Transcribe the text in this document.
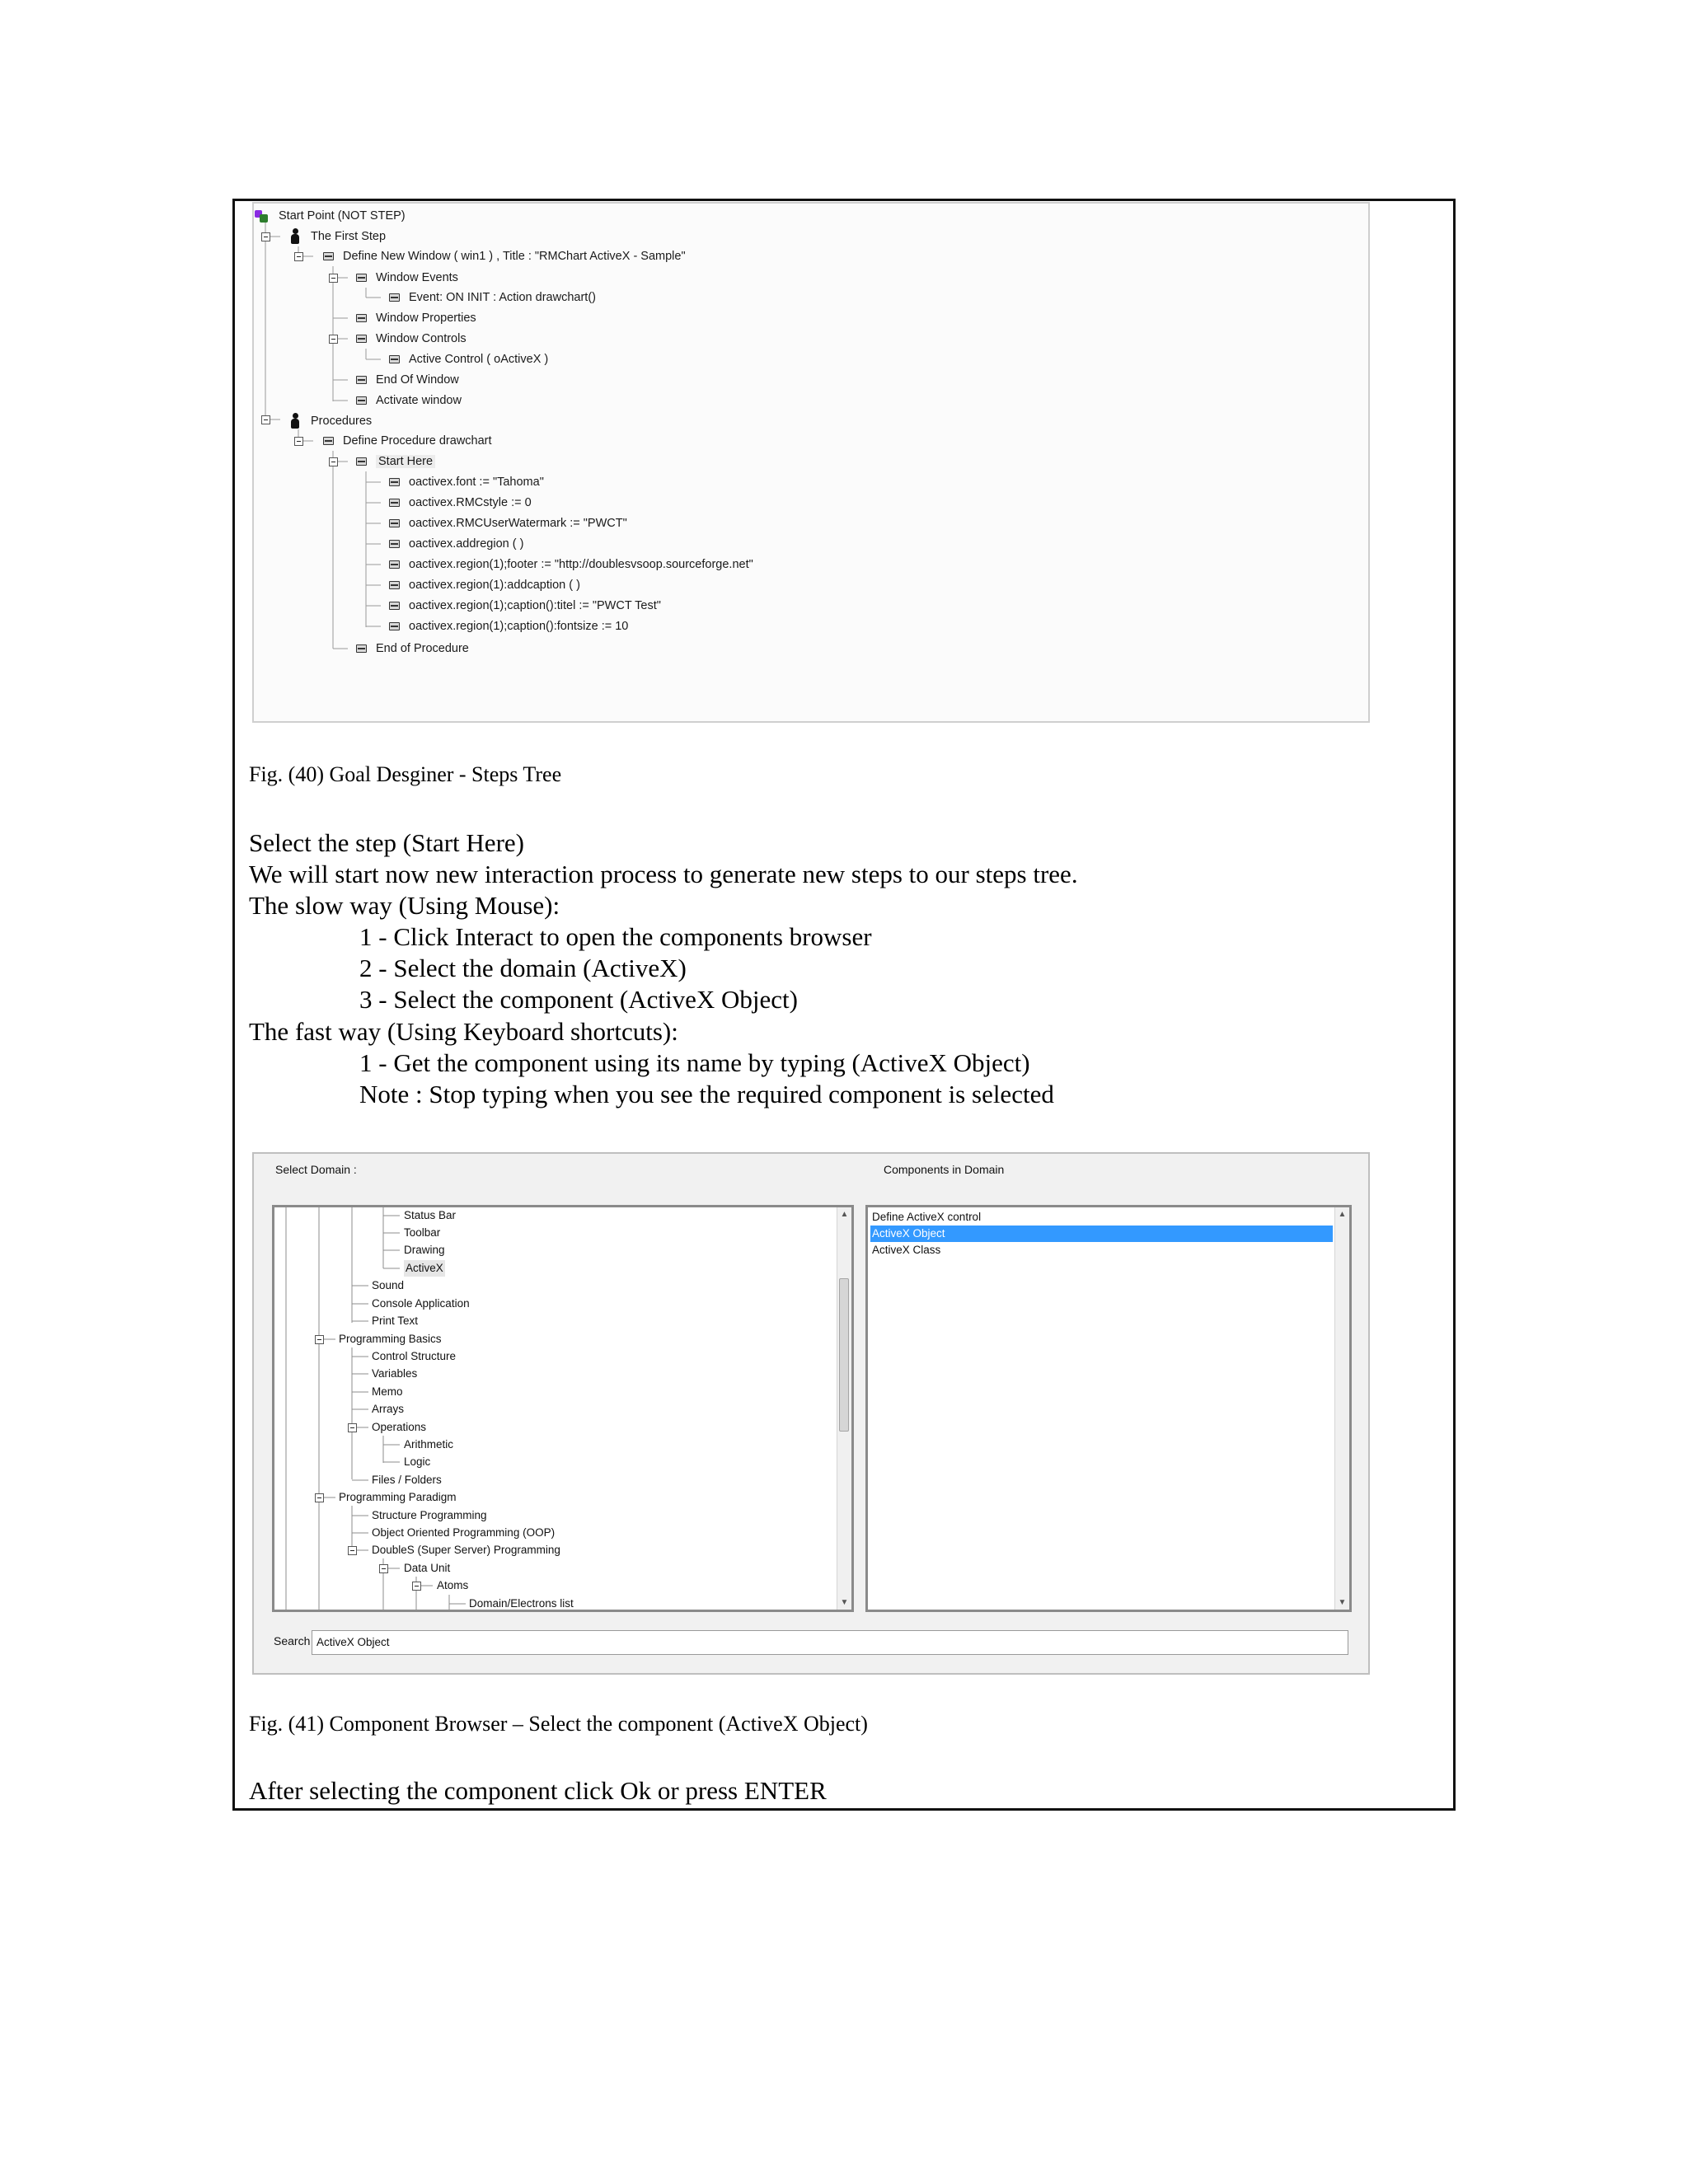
Start Point (NOT STEP)
The First Step
Define New Window ( win1 ) , Title : "RMChart ActiveX - Sample"
Window Events
Event: ON INIT : Action drawchart()
Window Properties
Window Controls
Active Control ( oActiveX )
End Of Window
Activate window
Procedures
Define Procedure drawchart
Start Here
oactivex.font := "Tahoma"
oactivex.RMCstyle := 0
oactivex.RMCUserWatermark := "PWCT"
oactivex.addregion ( )
oactivex.region(1);footer := "http://doublesvsoop.sourceforge.net"
oactivex.region(1):addcaption ( )
oactivex.region(1);caption():titel := "PWCT Test"
oactivex.region(1);caption():fontsize := 10
End of Procedure
Fig. (40) Goal Desginer - Steps Tree
Select the step (Start Here)
We will start now new interaction process to generate new steps to our steps tree.
The slow way (Using Mouse):
1 - Click Interact to open the components browser
2 - Select the domain (ActiveX)
3 - Select the component (ActiveX Object)
The fast way (Using Keyboard shortcuts):
1 - Get the component using its name by typing (ActiveX Object)
Note : Stop typing when you see the required component is selected
Select Domain :	Components in Domain
Status Bar
Toolbar
Drawing
ActiveX
Sound
Console Application
Print Text
Programming Basics
Control Structure
Variables
Memo
Arrays
Operations
Arithmetic
Logic
Files / Folders
Programming Paradigm
Structure Programming
Object Oriented Programming (OOP)
DoubleS (Super Server) Programming
Data Unit
Atoms
Domain/Electrons list
▲
▼
Define ActiveX control
ActiveX Object
ActiveX Class
▲
▼
Search ActiveX Object
Fig. (41) Component Browser – Select the component (ActiveX Object)
After selecting the component click Ok or press ENTER
